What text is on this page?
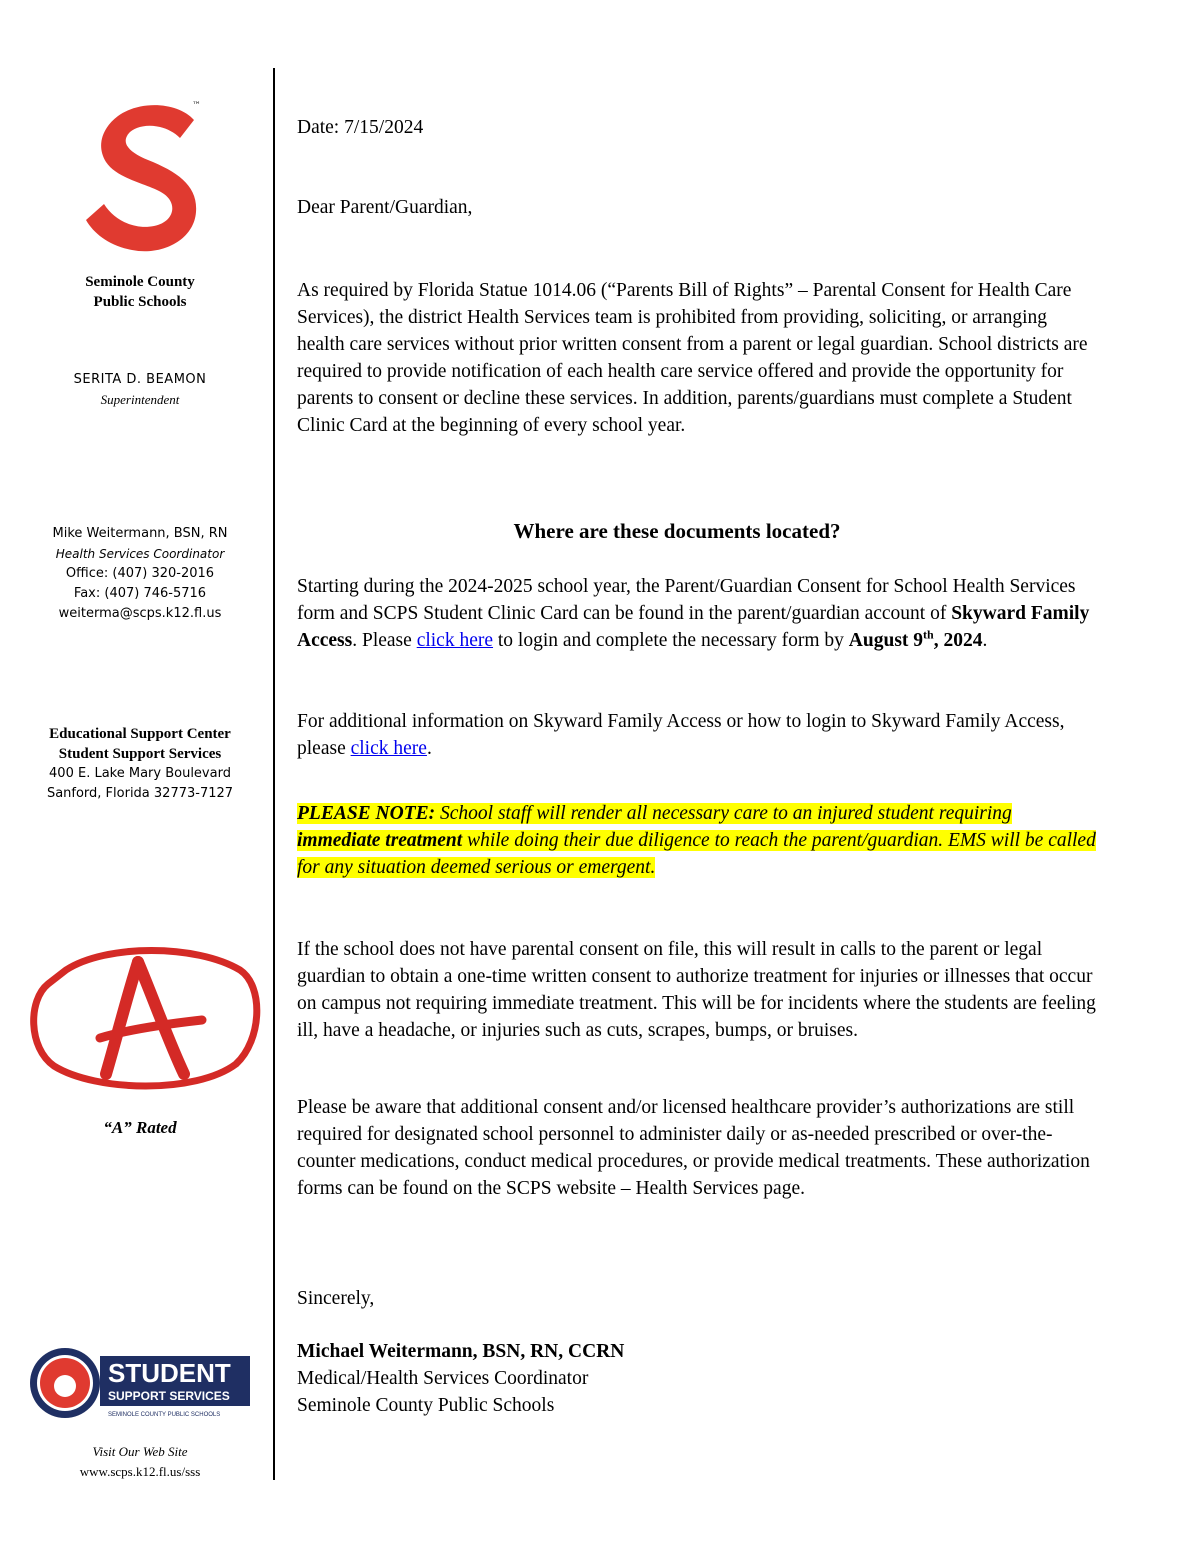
™
Seminole County
Public Schools
SERITA D. BEAMON
Superintendent
Mike Weitermann, BSN, RN
Health Services Coordinator
Office: (407) 320-2016
Fax: (407) 746-5716
weiterma@scps.k12.fl.us
Educational Support Center
Student Support Services
400 E. Lake Mary Boulevard
Sanford, Florida 32773-7127
“A” Rated
STUDENT
SUPPORT SERVICES
SEMINOLE COUNTY PUBLIC SCHOOLS
Visit Our Web Site
www.scps.k12.fl.us/sss

Date: 7/15/2024

Dear Parent/Guardian,

As required by Florida Statue 1014.06 (“Parents Bill of Rights” – Parental Consent for Health Care Services), the district Health Services team is prohibited from providing, soliciting, or arranging health care services without prior written consent from a parent or legal guardian. School districts are required to provide notification of each health care service offered and provide the opportunity for parents to consent or decline these services. In addition, parents/guardians must complete a Student Clinic Card at the beginning of every school year.

Where are these documents located?

Starting during the 2024-2025 school year, the Parent/Guardian Consent for School Health Services form and SCPS Student Clinic Card can be found in the parent/guardian account of Skyward Family Access. Please click here to login and complete the necessary form by August 9th, 2024.

For additional information on Skyward Family Access or how to login to Skyward Family Access, please click here.

PLEASE NOTE: School staff will render all necessary care to an injured student requiring immediate treatment while doing their due diligence to reach the parent/guardian. EMS will be called for any situation deemed serious or emergent.

If the school does not have parental consent on file, this will result in calls to the parent or legal guardian to obtain a one-time written consent to authorize treatment for injuries or illnesses that occur on campus not requiring immediate treatment. This will be for incidents where the students are feeling ill, have a headache, or injuries such as cuts, scrapes, bumps, or bruises.

Please be aware that additional consent and/or licensed healthcare provider’s authorizations are still required for designated school personnel to administer daily or as-needed prescribed or over-the-counter medications, conduct medical procedures, or provide medical treatments. These authorization forms can be found on the SCPS website – Health Services page.

Sincerely,

Michael Weitermann, BSN, RN, CCRN
Medical/Health Services Coordinator
Seminole County Public Schools
